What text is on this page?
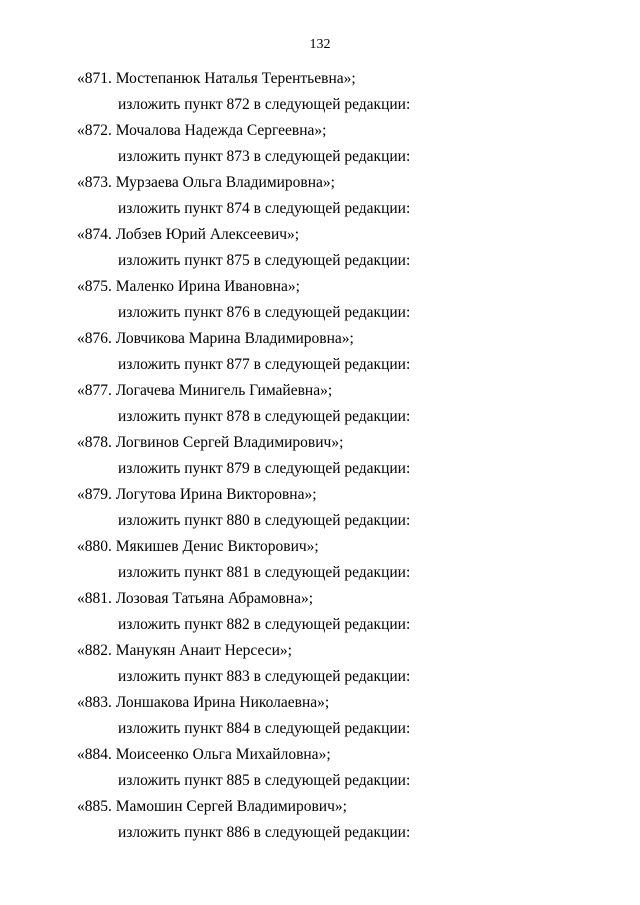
132
«871. Мостепанюк Наталья Терентьевна»;
изложить пункт 872 в следующей редакции:
«872. Мочалова Надежда Сергеевна»;
изложить пункт 873 в следующей редакции:
«873. Мурзаева Ольга Владимировна»;
изложить пункт 874 в следующей редакции:
«874. Лобзев Юрий Алексеевич»;
изложить пункт 875 в следующей редакции:
«875. Маленко Ирина Ивановна»;
изложить пункт 876 в следующей редакции:
«876. Ловчикова Марина Владимировна»;
изложить пункт 877 в следующей редакции:
«877. Логачева Минигель Гимайевна»;
изложить пункт 878 в следующей редакции:
«878. Логвинов Сергей Владимирович»;
изложить пункт 879 в следующей редакции:
«879. Логутова Ирина Викторовна»;
изложить пункт 880 в следующей редакции:
«880. Мякишев Денис Викторович»;
изложить пункт 881 в следующей редакции:
«881. Лозовая Татьяна Абрамовна»;
изложить пункт 882 в следующей редакции:
«882. Манукян Анаит Нерсеси»;
изложить пункт 883 в следующей редакции:
«883. Лоншакова Ирина Николаевна»;
изложить пункт 884 в следующей редакции:
«884. Моисеенко Ольга Михайловна»;
изложить пункт 885 в следующей редакции:
«885. Мамошин Сергей Владимирович»;
изложить пункт 886 в следующей редакции:
